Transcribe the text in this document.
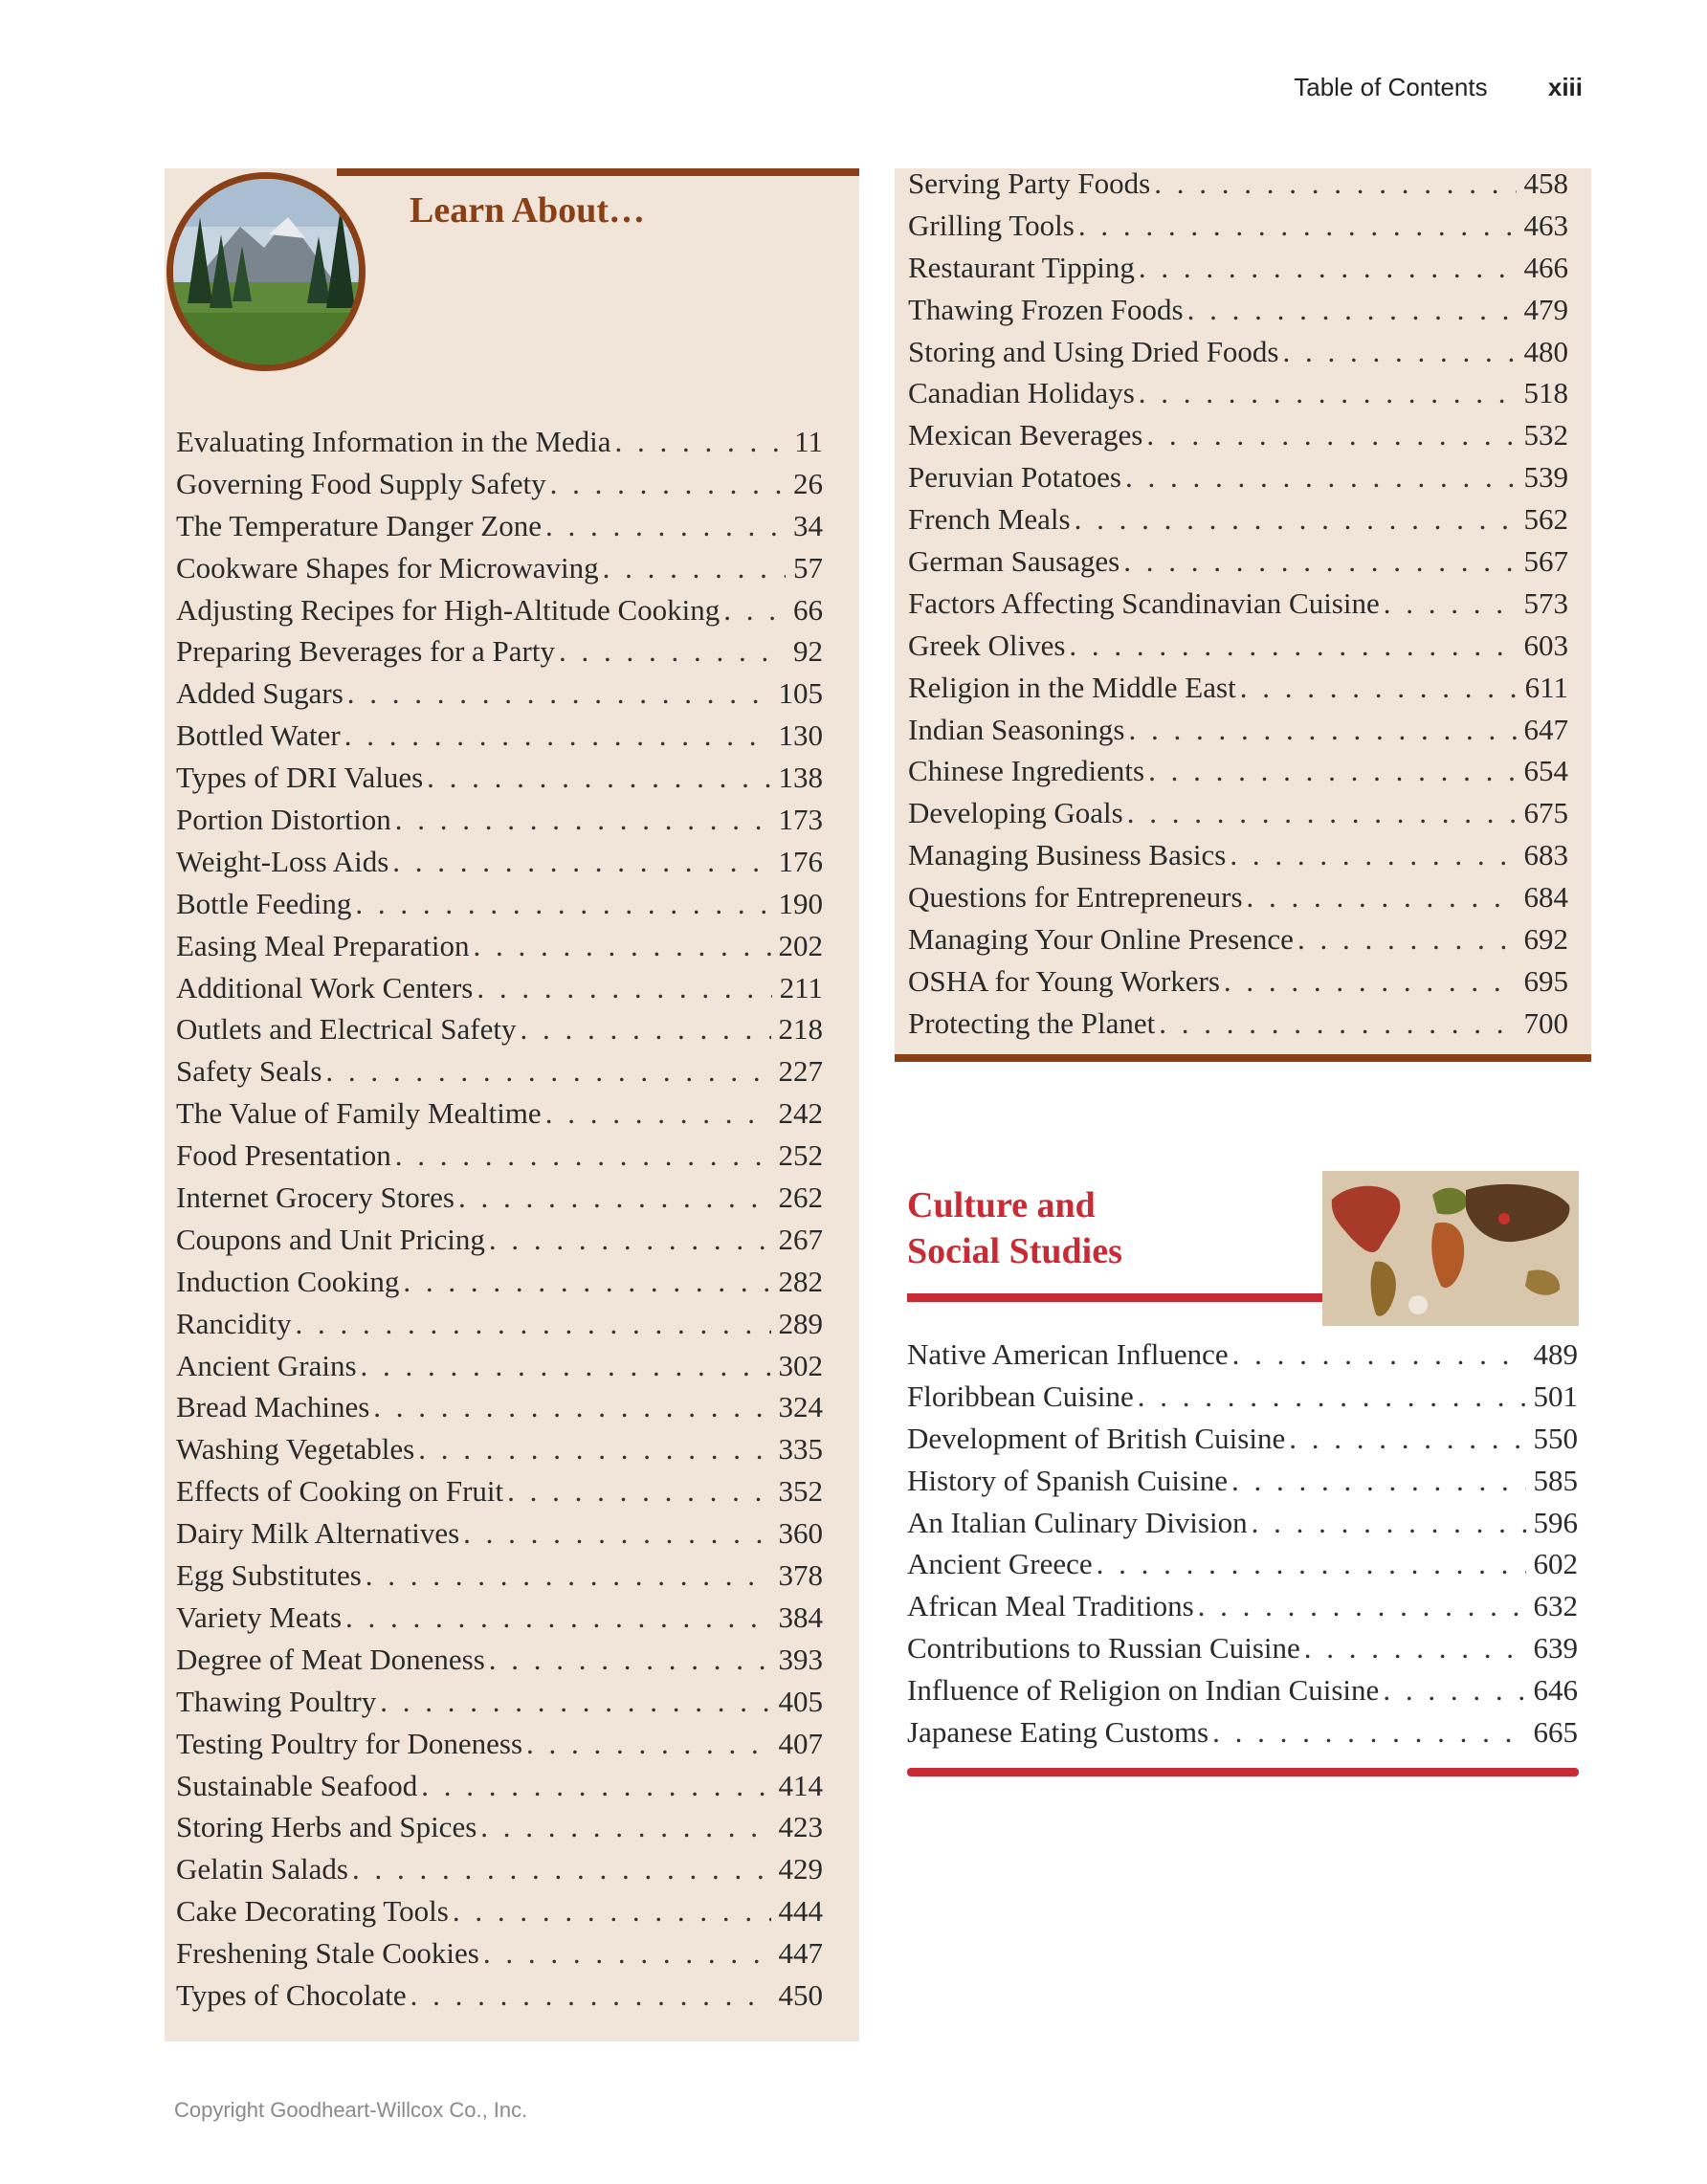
Table of Contents xiii
Learn About…
Evaluating Information in the Media . . .	11
Governing Food Supply Safety . . .	26
The Temperature Danger Zone . . .	34
Cookware Shapes for Microwaving . . .	57
Adjusting Recipes for High-Altitude Cooking . . . 66
Preparing Beverages for a Party . . .	92
Added Sugars . . .	105
Bottled Water . . .	130
Types of DRI Values . . .	138
Portion Distortion . . .	173
Weight-Loss Aids . . .	176
Bottle Feeding . . .	190
Easing Meal Preparation . . .	202
Additional Work Centers . . .	211
Outlets and Electrical Safety . . .	218
Safety Seals . . .	227
The Value of Family Mealtime . . .	242
Food Presentation . . .	252
Internet Grocery Stores . . .	262
Coupons and Unit Pricing . . .	267
Induction Cooking . . .	282
Rancidity . . .	289
Ancient Grains . . .	302
Bread Machines . . .	324
Washing Vegetables . . .	335
Effects of Cooking on Fruit . . .	352
Dairy Milk Alternatives . . .	360
Egg Substitutes . . .	378
Variety Meats . . .	384
Degree of Meat Doneness . . .	393
Thawing Poultry . . .	405
Testing Poultry for Doneness . . .	407
Sustainable Seafood . . .	414
Storing Herbs and Spices . . .	423
Gelatin Salads . . .	429
Cake Decorating Tools . . .	444
Freshening Stale Cookies . . .	447
Types of Chocolate . . .	450
Serving Party Foods . . .	458
Grilling Tools . . .	463
Restaurant Tipping . . .	466
Thawing Frozen Foods . . .	479
Storing and Using Dried Foods . . .	480
Canadian Holidays . . .	518
Mexican Beverages . . .	532
Peruvian Potatoes . . .	539
French Meals . . .	562
German Sausages . . .	567
Factors Affecting Scandinavian Cuisine . . .	573
Greek Olives . . .	603
Religion in the Middle East . . .	611
Indian Seasonings . . .	647
Chinese Ingredients . . .	654
Developing Goals . . .	675
Managing Business Basics . . .	683
Questions for Entrepreneurs . . .	684
Managing Your Online Presence . . .	692
OSHA for Young Workers . . .	695
Protecting the Planet . . .	700
Culture and
Social Studies
Native American Influence . . .	489
Floribbean Cuisine . . .	501
Development of British Cuisine . . .	550
History of Spanish Cuisine . . .	585
An Italian Culinary Division . . .	596
Ancient Greece . . .	602
African Meal Traditions . . .	632
Contributions to Russian Cuisine . . .	639
Influence of Religion on Indian Cuisine . . .	646
Japanese Eating Customs . . .	665
Copyright Goodheart-Willcox Co., Inc.
